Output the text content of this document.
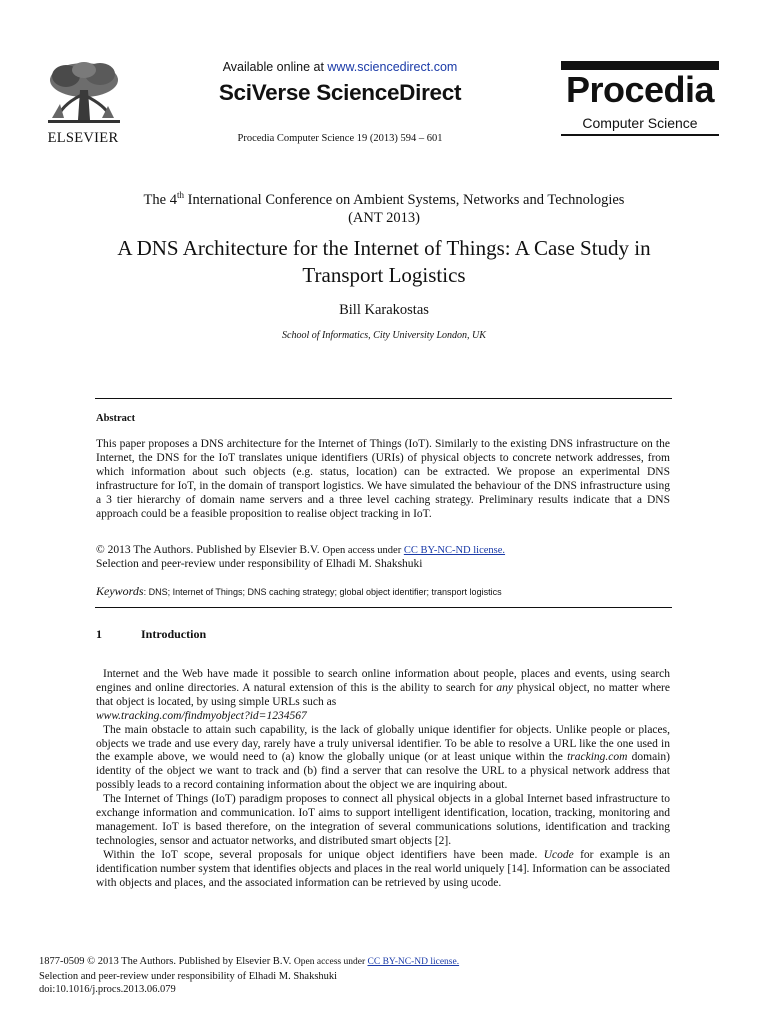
ELSEVIER
Available online at www.sciencedirect.com
SciVerse ScienceDirect
Procedia Computer Science 19 (2013) 594 – 601
Procedia
Computer Science
The 4th International Conference on Ambient Systems, Networks and Technologies
(ANT 2013)
A DNS Architecture for the Internet of Things: A Case Study in
Transport Logistics
Bill Karakostas
School of Informatics, City University London, UK
Abstract
This paper proposes a DNS architecture for the Internet of Things (IoT). Similarly to the existing DNS infrastructure on the Internet, the DNS for the IoT translates unique identifiers (URIs) of physical objects to concrete network addresses, from which information about such objects (e.g. status, location) can be extracted. We propose an experimental DNS infrastructure for IoT, in the domain of transport logistics. We have simulated the behaviour of the DNS infrastructure using a 3 tier hierarchy of domain name servers and a three level caching strategy. Preliminary results indicate that a DNS approach could be a feasible proposition to realise object tracking in IoT.
© 2013 The Authors. Published by Elsevier B.V. Open access under CC BY-NC-ND license.
Selection and peer-review under responsibility of Elhadi M. Shakshuki
Keywords: DNS; Internet of Things; DNS caching strategy; global object identifier; transport logistics
1	Introduction

Internet and the Web have made it possible to search online information about people, places and events, using search engines and online directories. A natural extension of this is the ability to search for any physical object, no matter where that object is located, by using simple URLs such as

www.tracking.com/findmyobject?id=1234567

The main obstacle to attain such capability, is the lack of globally unique identifier for objects. Unlike people or places, objects we trade and use every day, rarely have a truly universal identifier. To be able to resolve a URL like the one used in the example above, we would need to (a) know the globally unique (or at least unique within the tracking.com domain) identity of the object we want to track and (b) find a server that can resolve the URL to a physical network address that possibly leads to a record containing information about the object we are inquiring about.

The Internet of Things (IoT) paradigm proposes to connect all physical objects in a global Internet based infrastructure to exchange information and communication. IoT aims to support intelligent identification, location, tracking, monitoring and management. IoT is based therefore, on the integration of several communications solutions, identification and tracking technologies, sensor and actuator networks, and distributed smart objects [2].

Within the IoT scope, several proposals for unique object identifiers have been made. Ucode for example is an identification number system that identifies objects and places in the real world uniquely [14]. Information can be associated with objects and places, and the associated information can be retrieved by using ucode.

1877-0509 © 2013 The Authors. Published by Elsevier B.V. Open access under CC BY-NC-ND license.
Selection and peer-review under responsibility of Elhadi M. Shakshuki
doi:10.1016/j.procs.2013.06.079
